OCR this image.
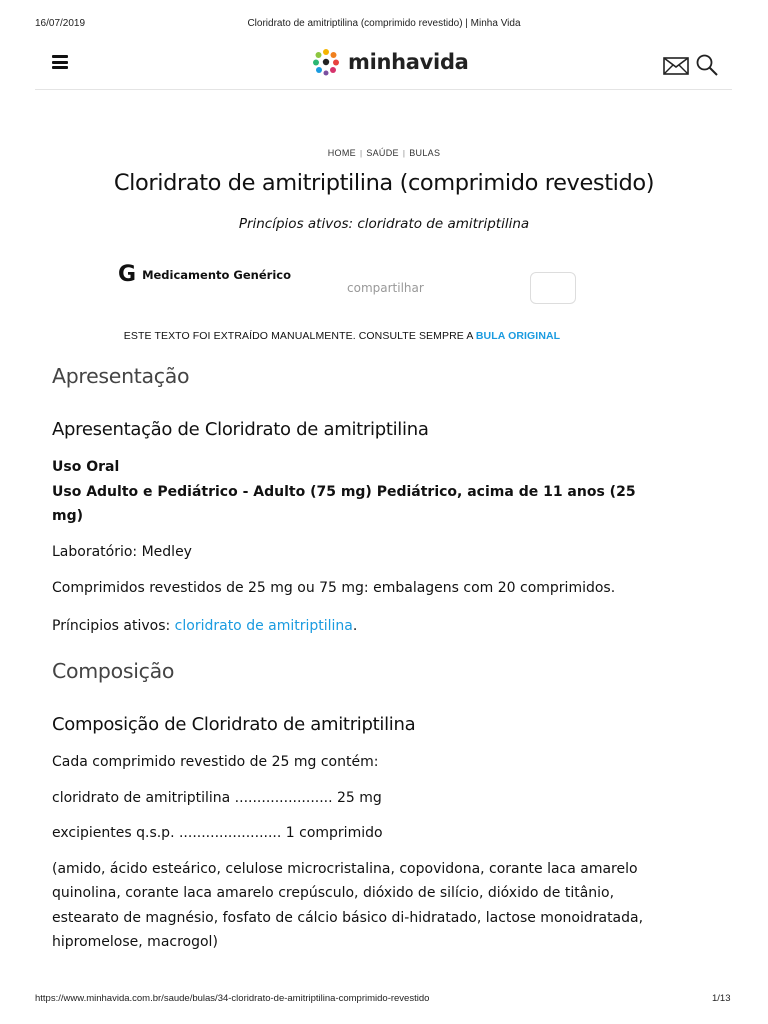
16/07/2019	Cloridrato de amitriptilina (comprimido revestido) | Minha Vida
minhavida
HOME | SAÚDE | BULAS
Cloridrato de amitriptilina (comprimido revestido)
Princípios ativos: cloridrato de amitriptilina
G Medicamento Genérico
compartilhar
ESTE TEXTO FOI EXTRAÍDO MANUALMENTE. CONSULTE SEMPRE A BULA ORIGINAL
Apresentação
Apresentação de Cloridrato de amitriptilina

Uso Oral

Uso Adulto e Pediátrico - Adulto (75 mg) Pediátrico, acima de 11 anos (25 mg)

Laboratório: Medley

Comprimidos revestidos de 25 mg ou 75 mg: embalagens com 20 comprimidos.

Príncipios ativos: cloridrato de amitriptilina.

Composição
Composição de Cloridrato de amitriptilina

Cada comprimido revestido de 25 mg contém:

cloridrato de amitriptilina ...................... 25 mg

excipientes q.s.p. ....................... 1 comprimido

(amido, ácido esteárico, celulose microcristalina, copovidona, corante laca amarelo quinolina, corante laca amarelo crepúsculo, dióxido de silício, dióxido de titânio, estearato de magnésio, fosfato de cálcio básico di-hidratado, lactose monoidratada, hipromelose, macrogol)

https://www.minhavida.com.br/saude/bulas/34-cloridrato-de-amitriptilina-comprimido-revestido	1/13
